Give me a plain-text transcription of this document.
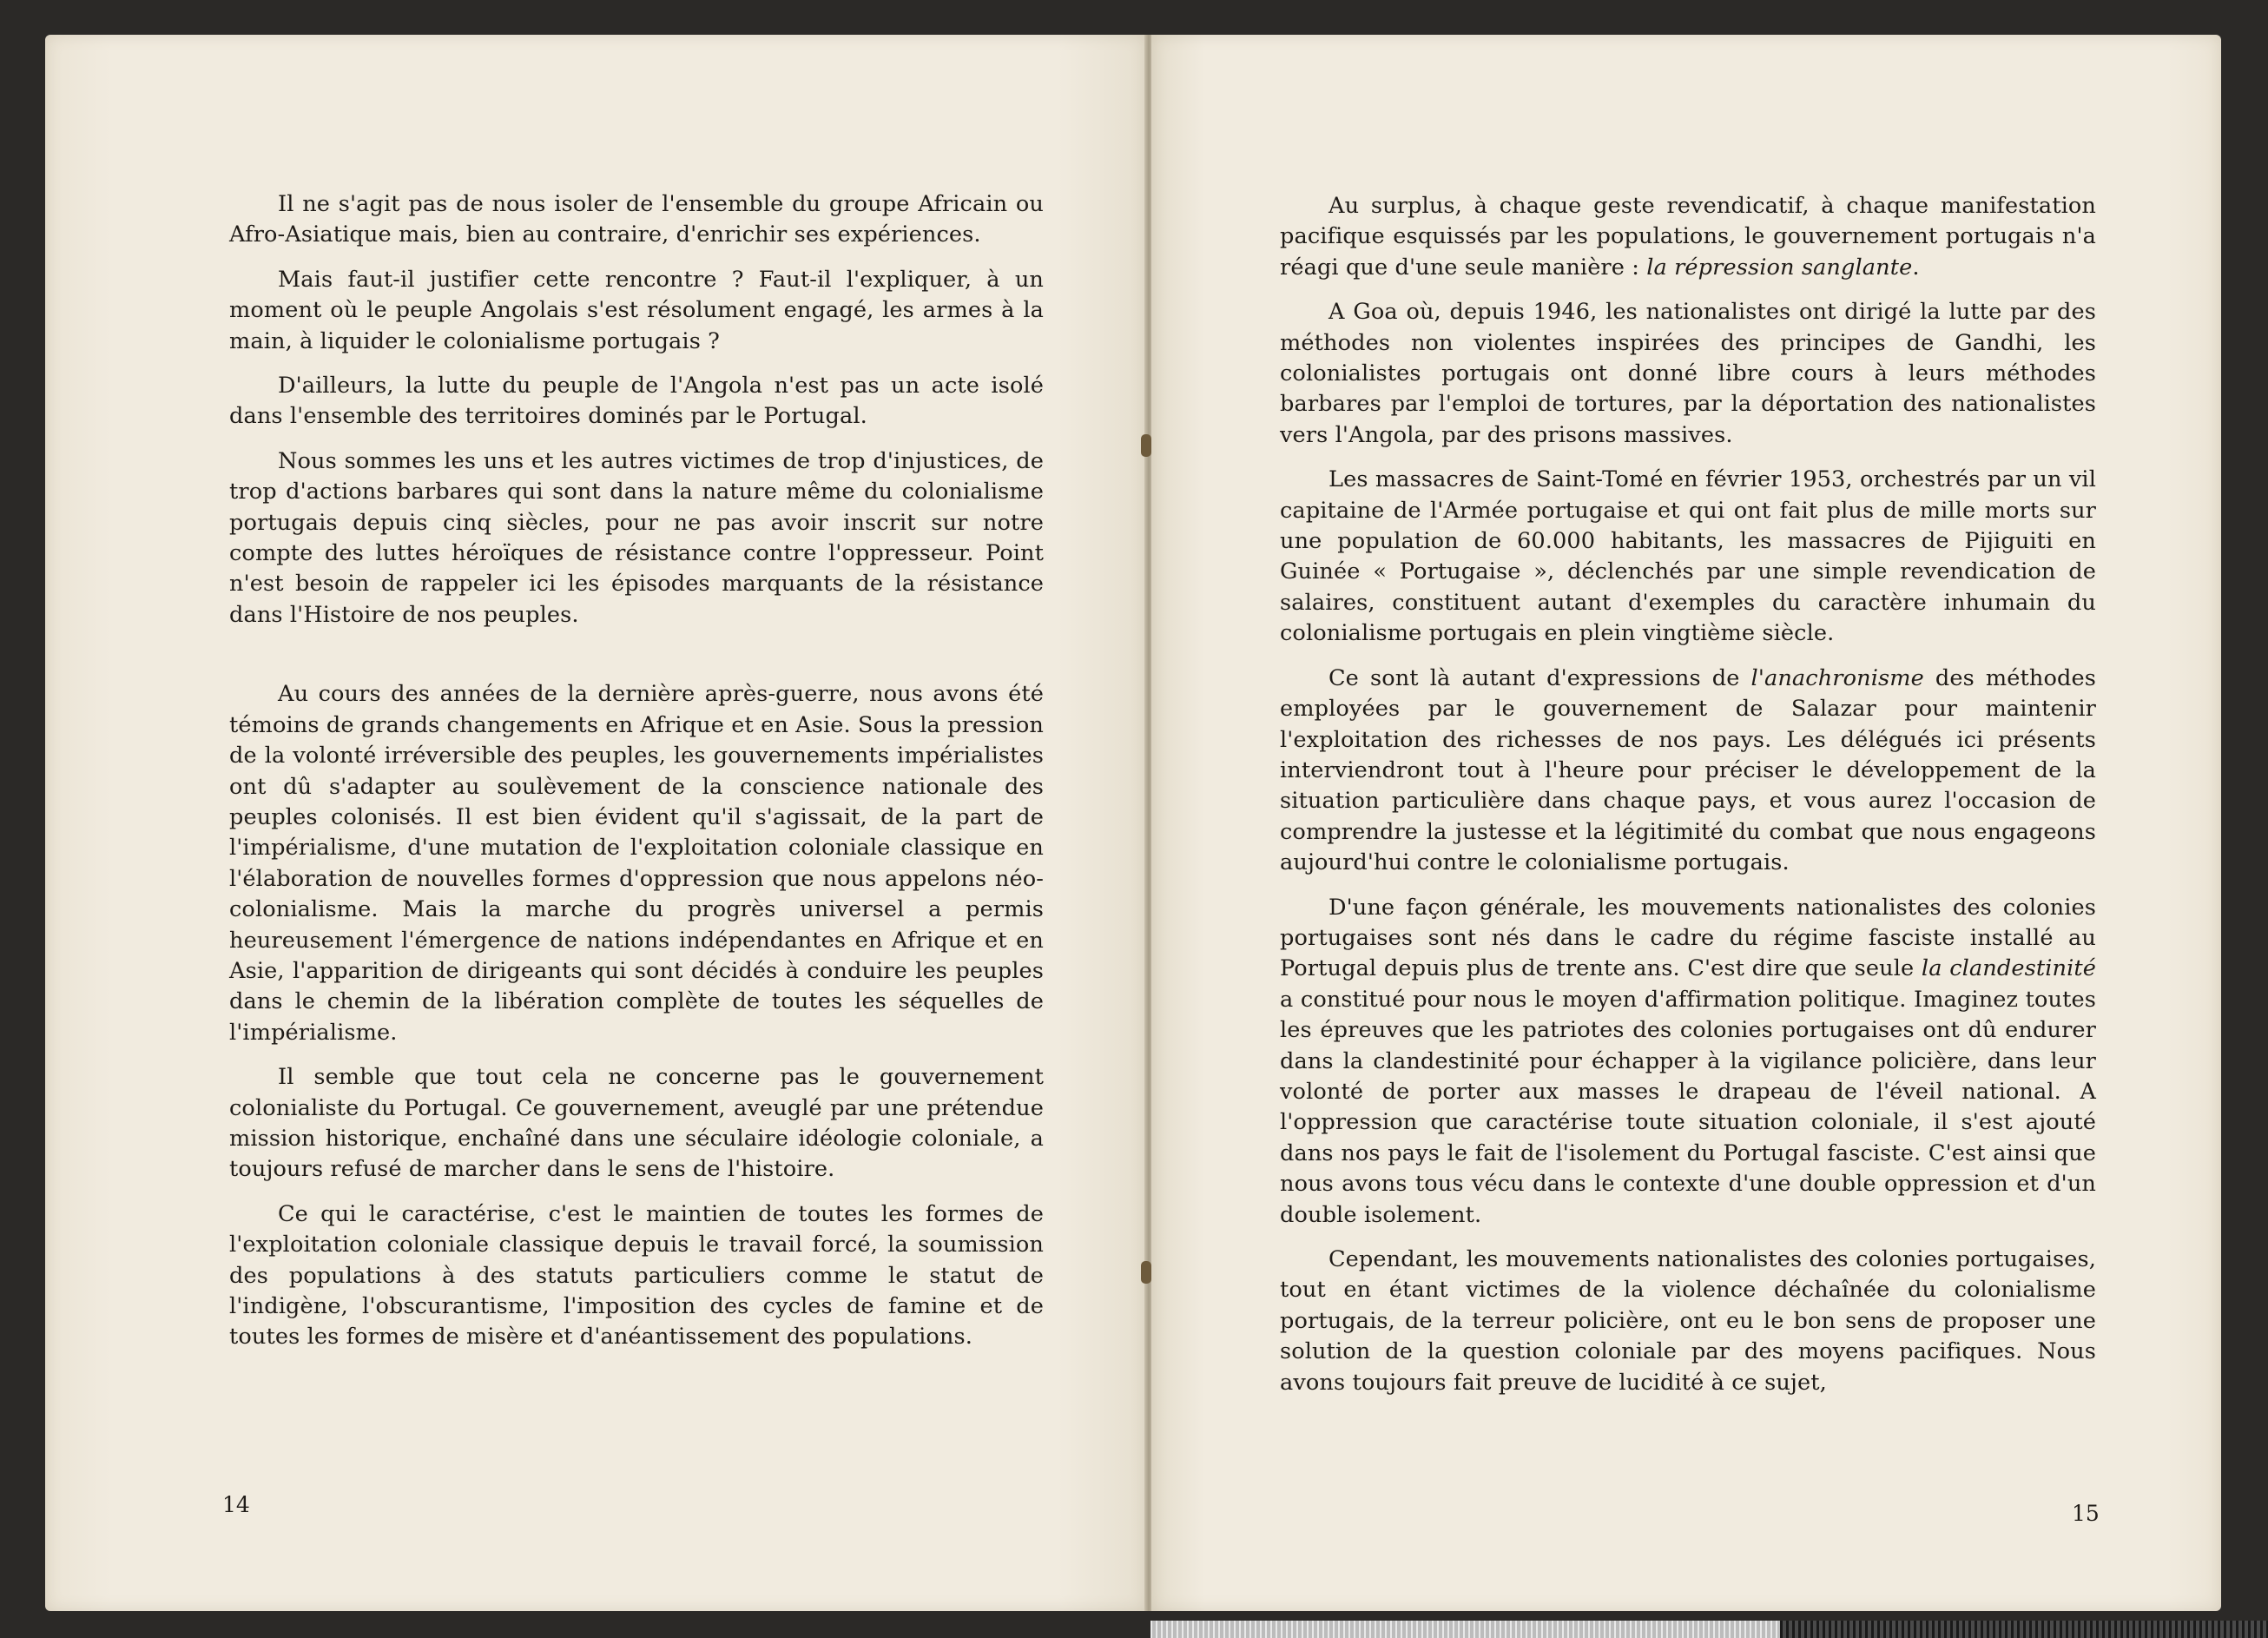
Il ne s'agit pas de nous isoler de l'ensemble du groupe Africain ou Afro-Asiatique mais, bien au contraire, d'enrichir ses expériences.

Mais faut-il justifier cette rencontre ? Faut-il l'expliquer, à un moment où le peuple Angolais s'est résolument engagé, les armes à la main, à liquider le colonialisme portugais ?

D'ailleurs, la lutte du peuple de l'Angola n'est pas un acte isolé dans l'ensemble des territoires dominés par le Portugal.

Nous sommes les uns et les autres victimes de trop d'injustices, de trop d'actions barbares qui sont dans la nature même du colonialisme portugais depuis cinq siècles, pour ne pas avoir inscrit sur notre compte des luttes héroïques de résistance contre l'oppresseur. Point n'est besoin de rappeler ici les épisodes marquants de la résistance dans l'Histoire de nos peuples.

Au cours des années de la dernière après-guerre, nous avons été témoins de grands changements en Afrique et en Asie. Sous la pression de la volonté irréversible des peuples, les gouvernements impérialistes ont dû s'adapter au soulèvement de la conscience nationale des peuples colonisés. Il est bien évident qu'il s'agissait, de la part de l'impérialisme, d'une mutation de l'exploitation coloniale classique en l'élaboration de nouvelles formes d'oppression que nous appelons néo-colonialisme. Mais la marche du progrès universel a permis heureusement l'émergence de nations indépendantes en Afrique et en Asie, l'apparition de dirigeants qui sont décidés à conduire les peuples dans le chemin de la libération complète de toutes les séquelles de l'impérialisme.

Il semble que tout cela ne concerne pas le gouvernement colonialiste du Portugal. Ce gouvernement, aveuglé par une prétendue mission historique, enchaîné dans une séculaire idéologie coloniale, a toujours refusé de marcher dans le sens de l'histoire.

Ce qui le caractérise, c'est le maintien de toutes les formes de l'exploitation coloniale classique depuis le travail forcé, la soumission des populations à des statuts particuliers comme le statut de l'indigène, l'obscurantisme, l'imposition des cycles de famine et de toutes les formes de misère et d'anéantissement des populations.

14

Au surplus, à chaque geste revendicatif, à chaque manifestation pacifique esquissés par les populations, le gouvernement portugais n'a réagi que d'une seule manière : la répression sanglante.

A Goa où, depuis 1946, les nationalistes ont dirigé la lutte par des méthodes non violentes inspirées des principes de Gandhi, les colonialistes portugais ont donné libre cours à leurs méthodes barbares par l'emploi de tortures, par la déportation des nationalistes vers l'Angola, par des prisons massives.

Les massacres de Saint-Tomé en février 1953, orchestrés par un vil capitaine de l'Armée portugaise et qui ont fait plus de mille morts sur une population de 60.000 habitants, les massacres de Pijiguiti en Guinée « Portugaise », déclenchés par une simple revendication de salaires, constituent autant d'exemples du caractère inhumain du colonialisme portugais en plein vingtième siècle.

Ce sont là autant d'expressions de l'anachronisme des méthodes employées par le gouvernement de Salazar pour maintenir l'exploitation des richesses de nos pays. Les délégués ici présents interviendront tout à l'heure pour préciser le développement de la situation particulière dans chaque pays, et vous aurez l'occasion de comprendre la justesse et la légitimité du combat que nous engageons aujourd'hui contre le colonialisme portugais.

D'une façon générale, les mouvements nationalistes des colonies portugaises sont nés dans le cadre du régime fasciste installé au Portugal depuis plus de trente ans. C'est dire que seule la clandestinité a constitué pour nous le moyen d'affirmation politique. Imaginez toutes les épreuves que les patriotes des colonies portugaises ont dû endurer dans la clandestinité pour échapper à la vigilance policière, dans leur volonté de porter aux masses le drapeau de l'éveil national. A l'oppression que caractérise toute situation coloniale, il s'est ajouté dans nos pays le fait de l'isolement du Portugal fasciste. C'est ainsi que nous avons tous vécu dans le contexte d'une double oppression et d'un double isolement.

Cependant, les mouvements nationalistes des colonies portugaises, tout en étant victimes de la violence déchaînée du colonialisme portugais, de la terreur policière, ont eu le bon sens de proposer une solution de la question coloniale par des moyens pacifiques. Nous avons toujours fait preuve de lucidité à ce sujet,

15
